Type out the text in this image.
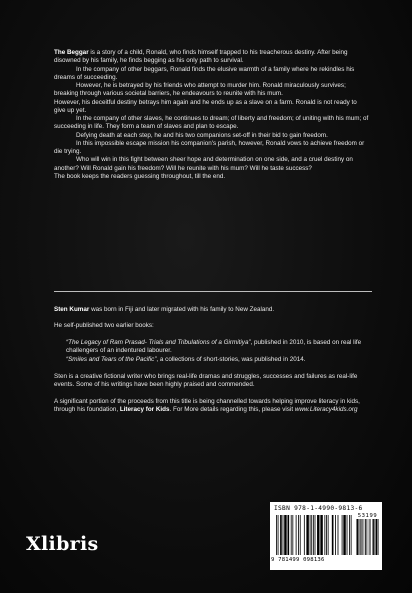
The Beggar is a story of a child, Ronald, who finds himself trapped to his treacherous destiny. After being disowned by his family, he finds begging as his only path to survival.

In the company of other beggars, Ronald finds the elusive warmth of a family where he rekindles his dreams of succeeding.

However, he is betrayed by his friends who attempt to murder him. Ronald miraculously survives; breaking through various societal barriers, he endeavours to reunite with his mum.

However, his deceitful destiny betrays him again and he ends up as a slave on a farm. Ronald is not ready to give up yet.

In the company of other slaves, he continues to dream; of liberty and freedom; of uniting with his mum; of succeeding in life. They form a team of slaves and plan to escape.

Defying death at each step, he and his two companions set-off in their bid to gain freedom.

In this impossible escape mission his companion's parish, however, Ronald vows to achieve freedom or die trying.

Who will win in this fight between sheer hope and determination on one side, and a cruel destiny on another? Will Ronald gain his freedom? Will he reunite with his mum? Will he taste success?

The book keeps the readers guessing throughout, till the end.

Sten Kumar was born in Fiji and later migrated with his family to New Zealand.

He self-published two earlier books:

“The Legacy of Ram Prasad- Trials and Tribulations of a Girmitiya”, published in 2010, is based on real life challengers of an indentured labourer.

“Smiles and Tears of the Pacific”, a collections of short-stories, was published in 2014.

Sten is a creative fictional writer who brings real-life dramas and struggles, successes and failures as real-life events. Some of his writings have been highly praised and commended.

A significant portion of the proceeds from this title is being channelled towards helping improve literacy in kids, through his foundation, Literacy for Kids. For More details regarding this, please visit www.Literacy4kids.org

Xlibris
ISBN 978-1-4990-9813-6
53199
9 781499 098136
